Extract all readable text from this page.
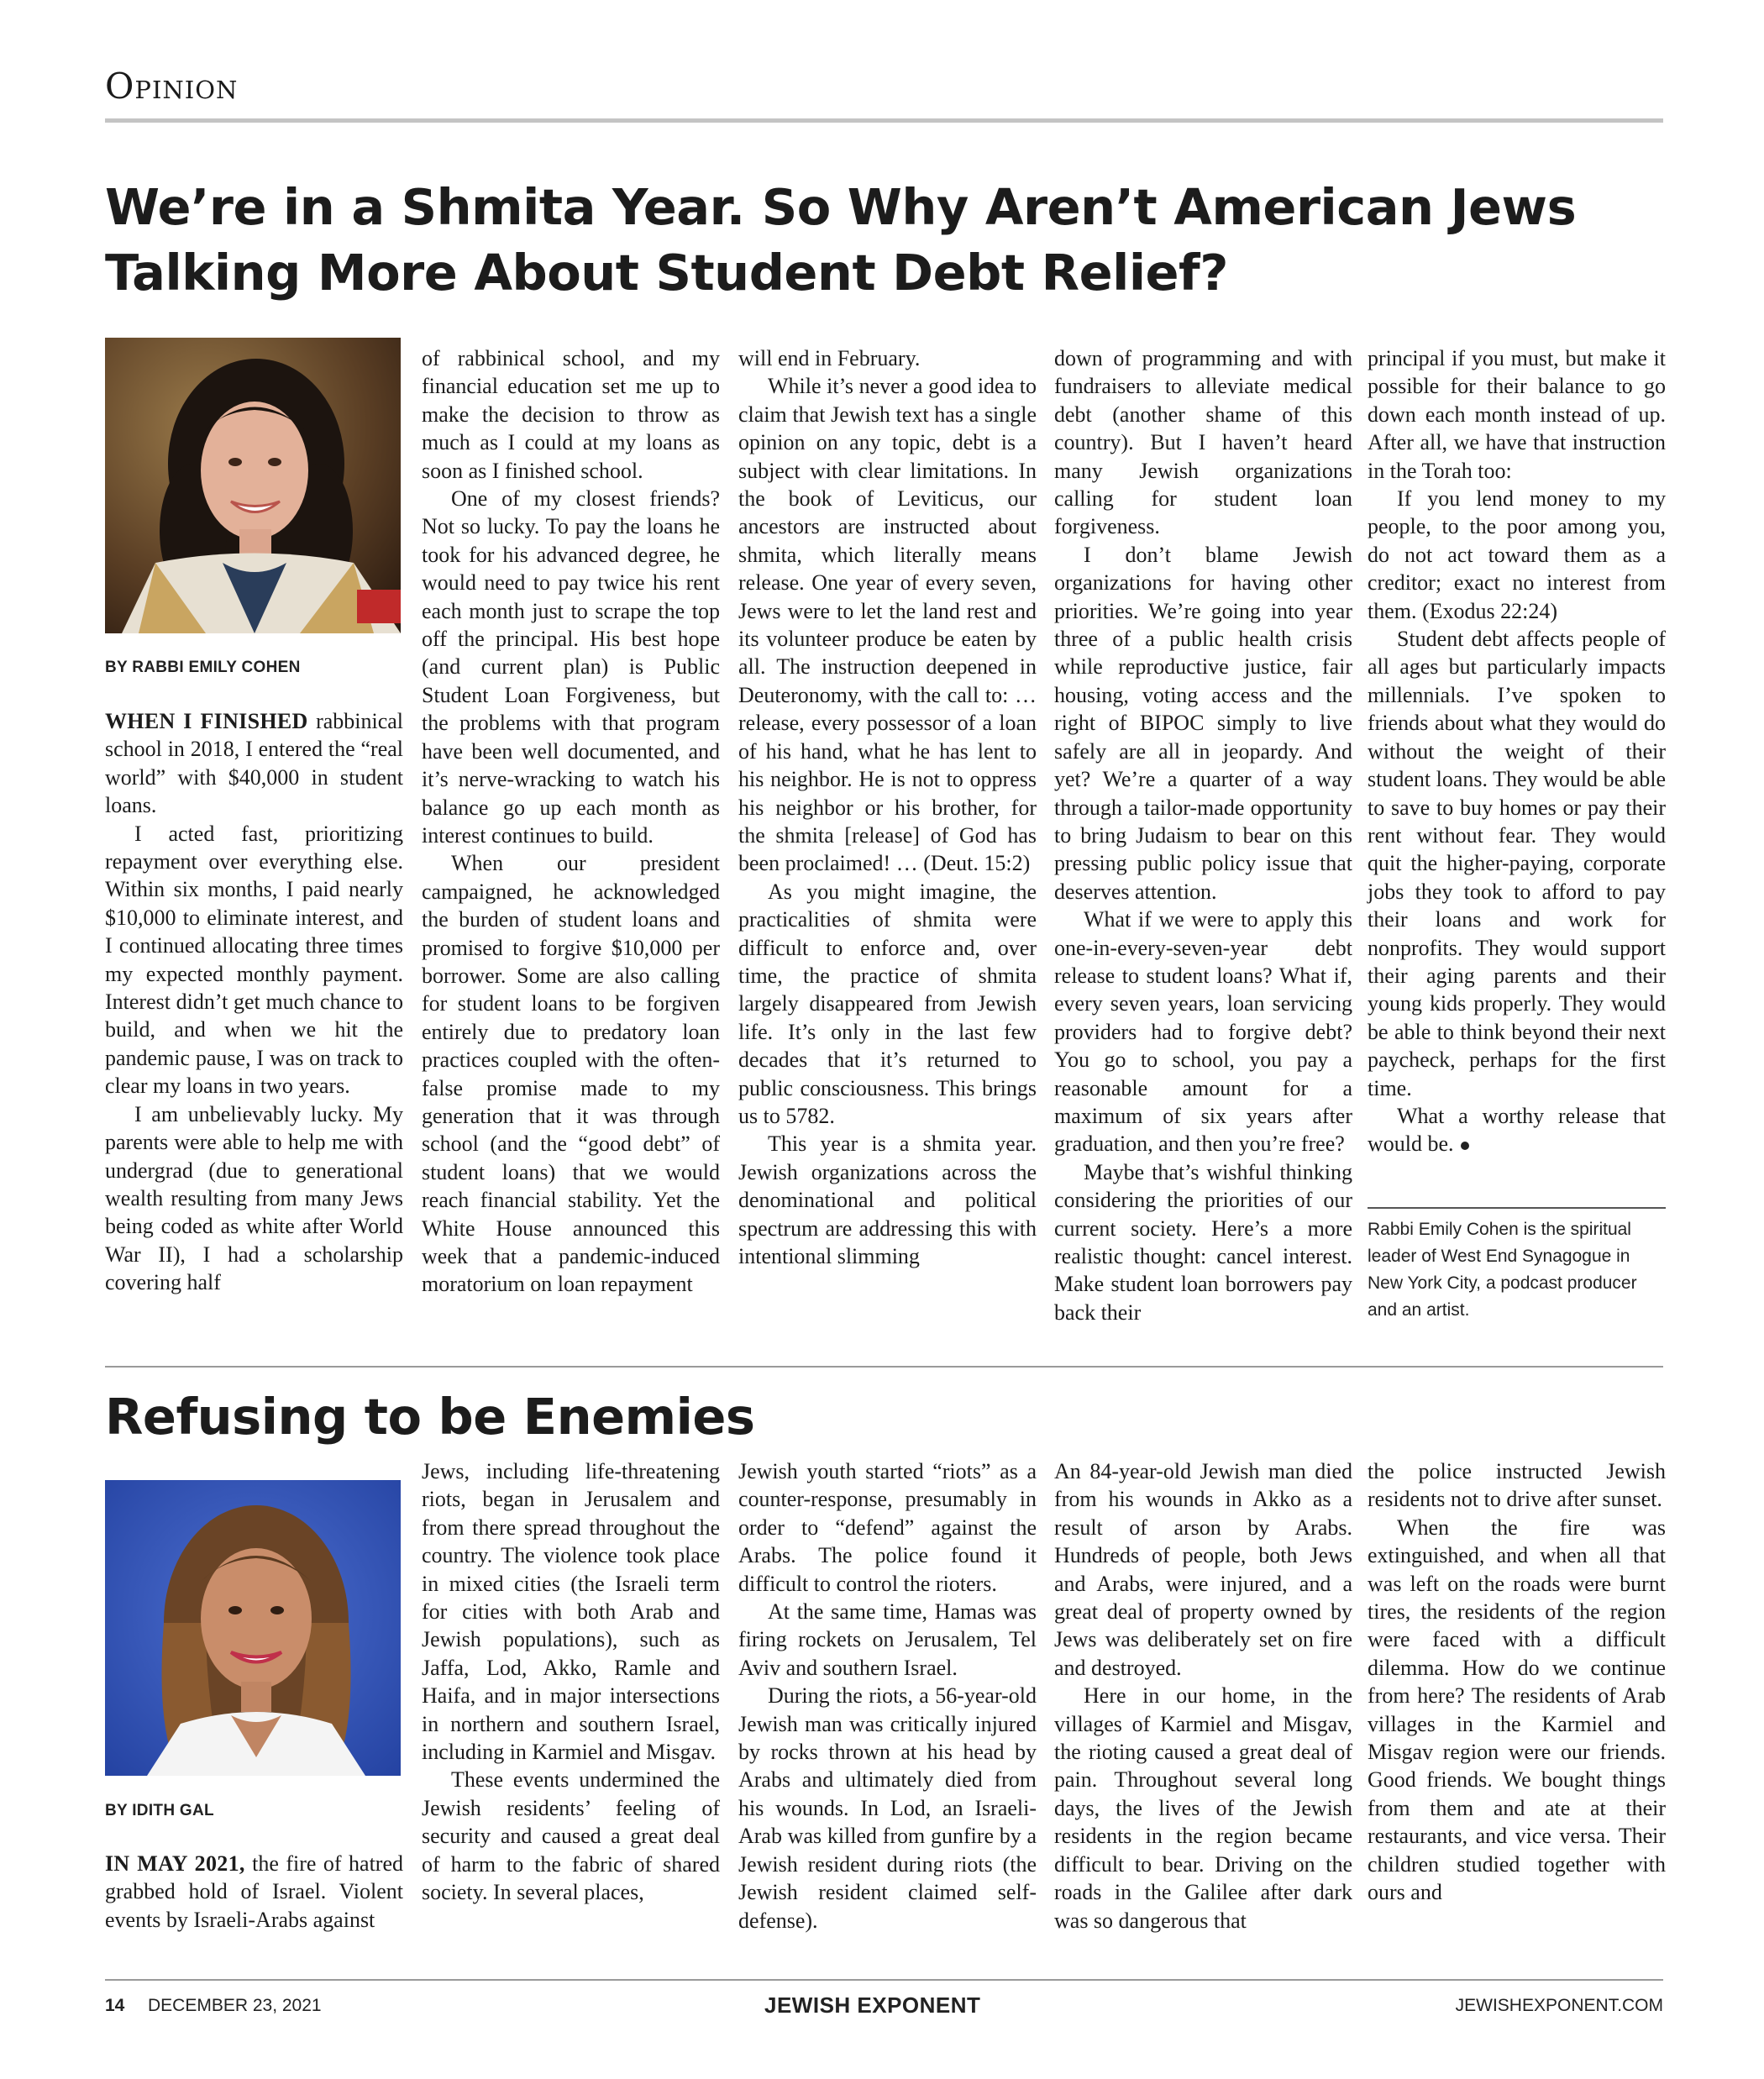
Opinion
We’re in a Shmita Year. So Why Aren’t American Jews
Talking More About Student Debt Relief?
BY RABBI EMILY COHEN

WHEN I FINISHED rabbinical school in 2018, I entered the “real world” with $40,000 in student loans.

I acted fast, prioritizing repayment over everything else. Within six months, I paid nearly $10,000 to eliminate interest, and I continued allocating three times my expected monthly payment. Interest didn’t get much chance to build, and when we hit the pandemic pause, I was on track to clear my loans in two years.

I am unbelievably lucky. My parents were able to help me with undergrad (due to generational wealth resulting from many Jews being coded as white after World War II), I had a scholarship covering half

of rabbinical school, and my financial education set me up to make the decision to throw as much as I could at my loans as soon as I finished school.

One of my closest friends? Not so lucky. To pay the loans he took for his advanced degree, he would need to pay twice his rent each month just to scrape the top off the principal. His best hope (and current plan) is Public Student Loan Forgiveness, but the problems with that program have been well documented, and it’s nerve-wracking to watch his balance go up each month as interest continues to build.

When our president campaigned, he acknowledged the burden of student loans and promised to forgive $10,000 per borrower. Some are also calling for student loans to be forgiven entirely due to predatory loan practices coupled with the often-false promise made to my generation that it was through school (and the “good debt” of student loans) that we would reach financial stability. Yet the White House announced this week that a pandemic-induced moratorium on loan repayment

will end in February.

While it’s never a good idea to claim that Jewish text has a single opinion on any topic, debt is a subject with clear limitations. In the book of Leviticus, our ancestors are instructed about shmita, which literally means release. One year of every seven, Jews were to let the land rest and its volunteer produce be eaten by all. The instruction deepened in Deuteronomy, with the call to: … release, every possessor of a loan of his hand, what he has lent to his neighbor. He is not to oppress his neighbor or his brother, for the shmita [release] of God has been proclaimed! … (Deut. 15:2)

As you might imagine, the practicalities of shmita were difficult to enforce and, over time, the practice of shmita largely disappeared from Jewish life. It’s only in the last few decades that it’s returned to public consciousness. This brings us to 5782.

This year is a shmita year. Jewish organizations across the denominational and political spectrum are addressing this with intentional slimming

down of programming and with fundraisers to alleviate medical debt (another shame of this country). But I haven’t heard many Jewish organizations calling for student loan forgiveness.

I don’t blame Jewish organizations for having other priorities. We’re going into year three of a public health crisis while reproductive justice, fair housing, voting access and the right of BIPOC simply to live safely are all in jeopardy. And yet? We’re a quarter of a way through a tailor-made opportunity to bring Judaism to bear on this pressing public policy issue that deserves attention.

What if we were to apply this one-in-every-seven-year debt release to student loans? What if, every seven years, loan servicing providers had to forgive debt? You go to school, you pay a reasonable amount for a maximum of six years after graduation, and then you’re free?

Maybe that’s wishful thinking considering the priorities of our current society. Here’s a more realistic thought: cancel interest. Make student loan borrowers pay back their

principal if you must, but make it possible for their balance to go down each month instead of up. After all, we have that instruction in the Torah too:

If you lend money to my people, to the poor among you, do not act toward them as a creditor; exact no interest from them. (Exodus 22:24)

Student debt affects people of all ages but particularly impacts millennials. I’ve spoken to friends about what they would do without the weight of their student loans. They would be able to save to buy homes or pay their rent without fear. They would quit the higher-paying, corporate jobs they took to afford to pay their loans and work for nonprofits. They would support their aging parents and their young kids properly. They would be able to think beyond their next paycheck, perhaps for the first time.

What a worthy release that would be.

Rabbi Emily Cohen is the spiritual leader of West End Synagogue in New York City, a podcast producer and an artist.
Refusing to be Enemies
BY IDITH GAL

IN MAY 2021, the fire of hatred grabbed hold of Israel. Violent events by Israeli-Arabs against

Jews, including life-threatening riots, began in Jerusalem and from there spread throughout the country. The violence took place in mixed cities (the Israeli term for cities with both Arab and Jewish populations), such as Jaffa, Lod, Akko, Ramle and Haifa, and in major intersections in northern and southern Israel, including in Karmiel and Misgav.

These events undermined the Jewish residents’ feeling of security and caused a great deal of harm to the fabric of shared society. In several places,

Jewish youth started “riots” as a counter-response, presumably in order to “defend” against the Arabs. The police found it difficult to control the rioters.

At the same time, Hamas was firing rockets on Jerusalem, Tel Aviv and southern Israel.

During the riots, a 56-year-old Jewish man was critically injured by rocks thrown at his head by Arabs and ultimately died from his wounds. In Lod, an Israeli-Arab was killed from gunfire by a Jewish resident during riots (the Jewish resident claimed self-defense).

An 84-year-old Jewish man died from his wounds in Akko as a result of arson by Arabs. Hundreds of people, both Jews and Arabs, were injured, and a great deal of property owned by Jews was deliberately set on fire and destroyed.

Here in our home, in the villages of Karmiel and Misgav, the rioting caused a great deal of pain. Throughout several long days, the lives of the Jewish residents in the region became difficult to bear. Driving on the roads in the Galilee after dark was so dangerous that

the police instructed Jewish residents not to drive after sunset.

When the fire was extinguished, and when all that was left on the roads were burnt tires, the residents of the region were faced with a difficult dilemma. How do we continue from here? The residents of Arab villages in the Karmiel and Misgav region were our friends. Good friends. We bought things from them and ate at their restaurants, and vice versa. Their children studied together with ours and

14 DECEMBER 23, 2021	JEWISH EXPONENT	JEWISHEXPONENT.COM
